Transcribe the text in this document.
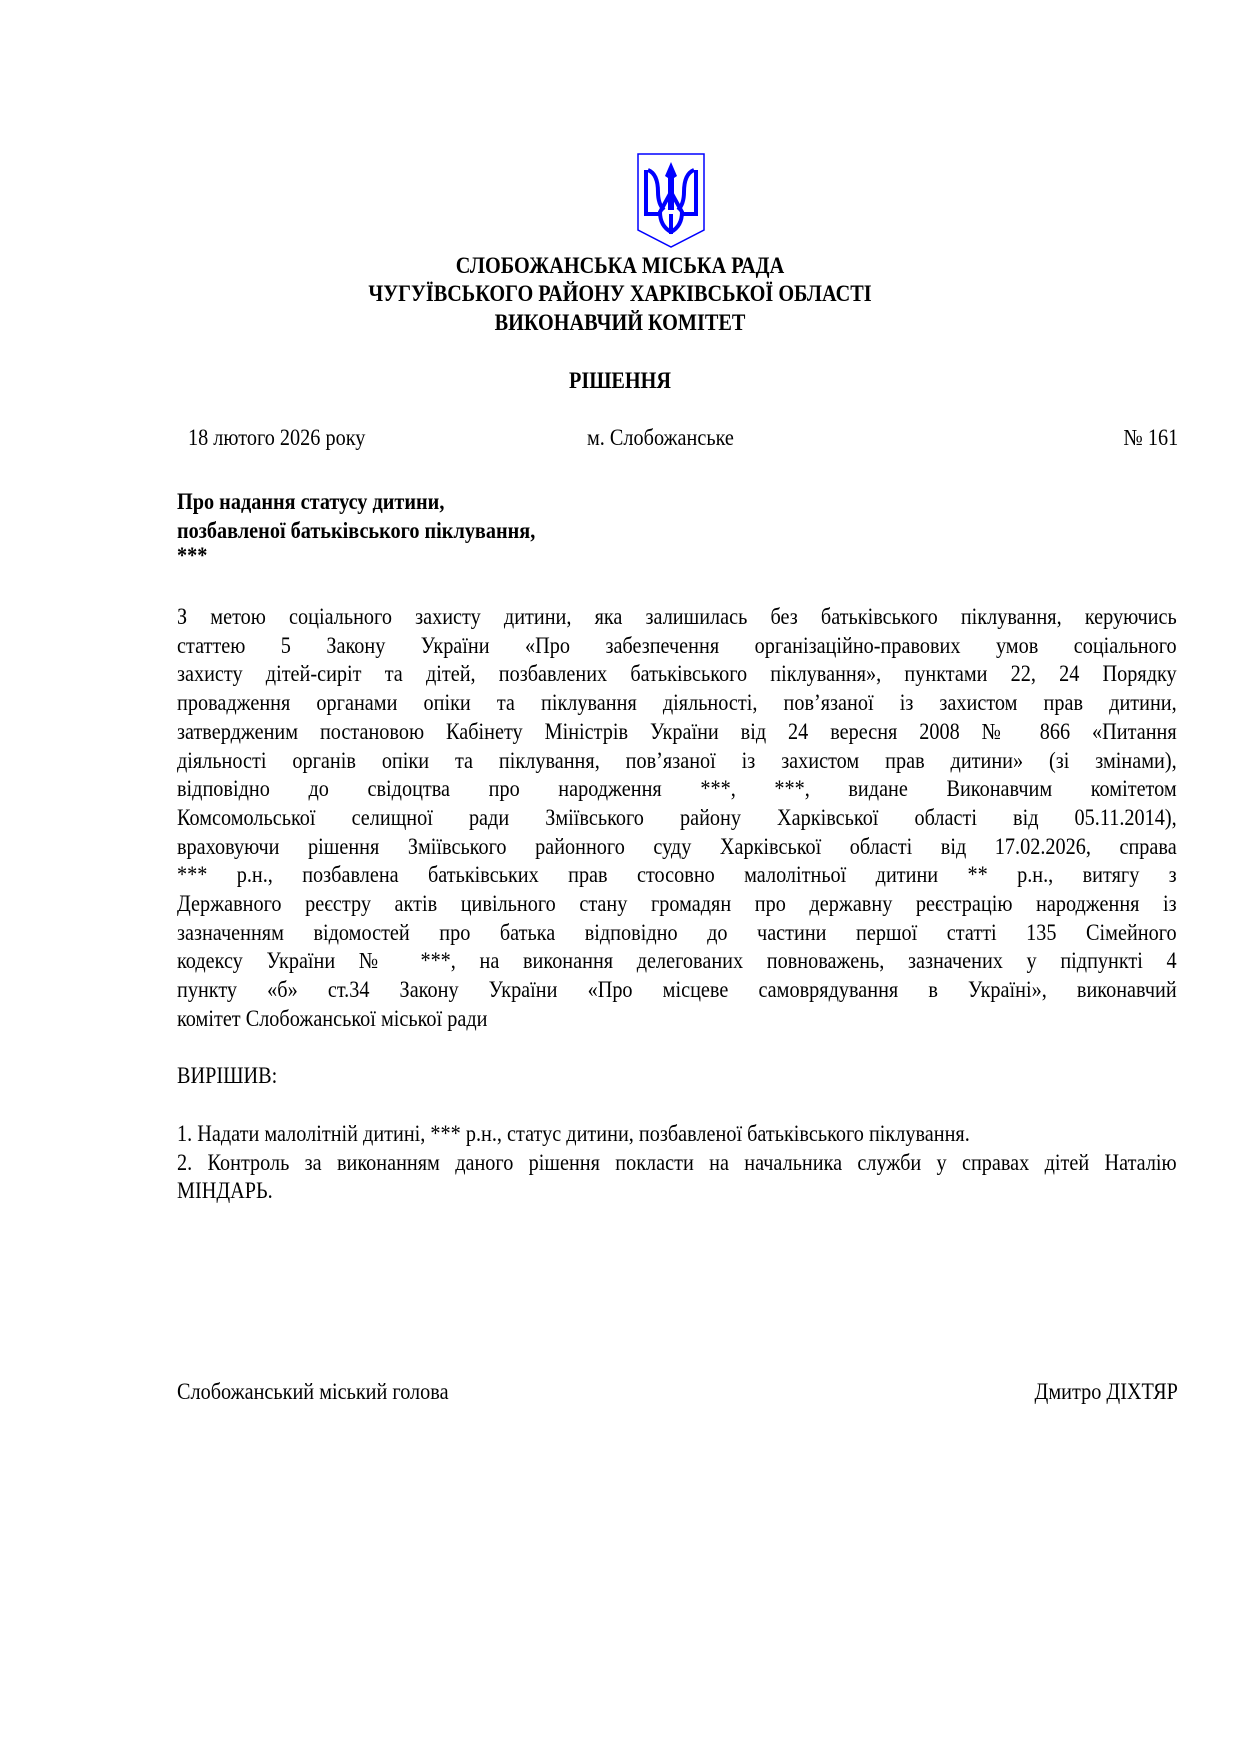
СЛОБОЖАНСЬКА МІСЬКА РАДА
ЧУГУЇВСЬКОГО РАЙОНУ ХАРКІВСЬКОЇ ОБЛАСТІ
ВИКОНАВЧИЙ КОМІТЕТ
РІШЕННЯ
18 лютого 2026 року	м. Слобожанське	№ 161
Про надання статусу дитини,
позбавленої батьківського піклування,
***
З метою соціального захисту дитини, яка залишилась без батьківського піклування, керуючись
статтею 5 Закону України «Про забезпечення організаційно-правових умов соціального
захисту дітей-сиріт та дітей, позбавлених батьківського піклування», пунктами 22, 24 Порядку
провадження органами опіки та піклування діяльності, пов’язаної із захистом прав дитини,
затвердженим постановою Кабінету Міністрів України від 24 вересня 2008 № 866 «Питання
діяльності органів опіки та піклування, пов’язаної із захистом прав дитини» (зі змінами),
відповідно до свідоцтва про народження ***, ***, видане Виконавчим комітетом
Комсомольської селищної ради Зміївського району Харківської області від 05.11.2014),
враховуючи рішення Зміївського районного суду Харківської області від 17.02.2026, справа
*** р.н., позбавлена батьківських прав стосовно малолітньої дитини ** р.н., витягу з
Державного реєстру актів цивільного стану громадян про державну реєстрацію народження із
зазначенням відомостей про батька відповідно до частини першої статті 135 Сімейного
кодексу України № ***, на виконання делегованих повноважень, зазначених у підпункті 4
пункту «б» ст.34 Закону України «Про місцеве самоврядування в Україні», виконавчий
комітет Слобожанської міської ради
ВИРІШИВ:
1. Надати малолітній дитині, *** р.н., статус дитини, позбавленої батьківського піклування.
2. Контроль за виконанням даного рішення покласти на начальника служби у справах дітей Наталію
МІНДАРЬ.
Слобожанський міський голова	Дмитро ДІХТЯР
